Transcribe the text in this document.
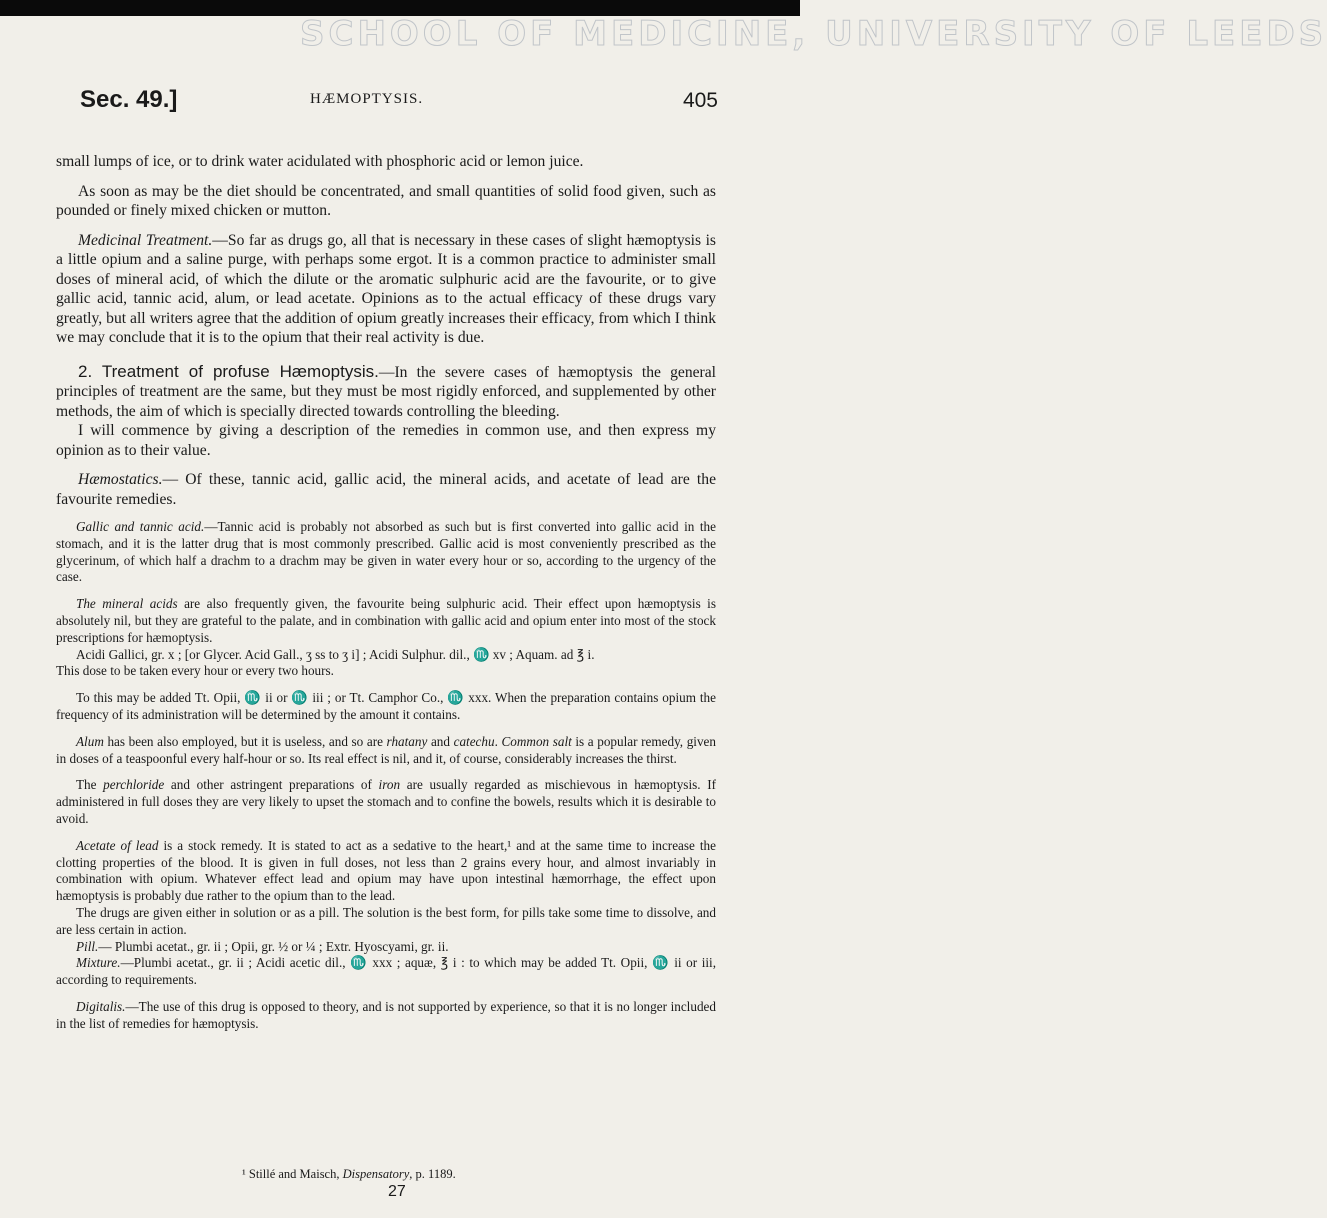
SCHOOL OF MEDICINE, UNIVERSITY OF LEEDS
Sec. 49.]	HÆMOPTYSIS.	405

small lumps of ice, or to drink water acidulated with phosphoric acid or lemon juice.

As soon as may be the diet should be concentrated, and small quantities of solid food given, such as pounded or finely mixed chicken or mutton.

Medicinal Treatment.—So far as drugs go, all that is necessary in these cases of slight hæmoptysis is a little opium and a saline purge, with perhaps some ergot. It is a common practice to administer small doses of mineral acid, of which the dilute or the aromatic sulphuric acid are the favourite, or to give gallic acid, tannic acid, alum, or lead acetate. Opinions as to the actual efficacy of these drugs vary greatly, but all writers agree that the addition of opium greatly increases their efficacy, from which I think we may conclude that it is to the opium that their real activity is due.

2. Treatment of profuse Hæmoptysis.—In the severe cases of hæmoptysis the general principles of treatment are the same, but they must be most rigidly enforced, and supplemented by other methods, the aim of which is specially directed towards controlling the bleeding.

I will commence by giving a description of the remedies in common use, and then express my opinion as to their value.

Hæmostatics.— Of these, tannic acid, gallic acid, the mineral acids, and acetate of lead are the favourite remedies.

Gallic and tannic acid.—Tannic acid is probably not absorbed as such but is first converted into gallic acid in the stomach, and it is the latter drug that is most commonly prescribed. Gallic acid is most conveniently prescribed as the glycerinum, of which half a drachm to a drachm may be given in water every hour or so, according to the urgency of the case.

The mineral acids are also frequently given, the favourite being sulphuric acid. Their effect upon hæmoptysis is absolutely nil, but they are grateful to the palate, and in combination with gallic acid and opium enter into most of the stock prescriptions for hæmoptysis.

Acidi Gallici, gr. x ; [or Glycer. Acid Gall., ʒ ss to ʒ i] ; Acidi Sulphur. dil., ♏ xv ; Aquam. ad ℥ i.

This dose to be taken every hour or every two hours.

To this may be added Tt. Opii, ♏ ii or ♏ iii ; or Tt. Camphor Co., ♏ xxx. When the preparation contains opium the frequency of its administration will be determined by the amount it contains.

Alum has been also employed, but it is useless, and so are rhatany and catechu. Common salt is a popular remedy, given in doses of a teaspoonful every half-hour or so. Its real effect is nil, and it, of course, considerably increases the thirst.

The perchloride and other astringent preparations of iron are usually regarded as mischievous in hæmoptysis. If administered in full doses they are very likely to upset the stomach and to confine the bowels, results which it is desirable to avoid.

Acetate of lead is a stock remedy. It is stated to act as a sedative to the heart,¹ and at the same time to increase the clotting properties of the blood. It is given in full doses, not less than 2 grains every hour, and almost invariably in combination with opium. Whatever effect lead and opium may have upon intestinal hæmorrhage, the effect upon hæmoptysis is probably due rather to the opium than to the lead.

The drugs are given either in solution or as a pill. The solution is the best form, for pills take some time to dissolve, and are less certain in action.

Pill.— Plumbi acetat., gr. ii ; Opii, gr. ½ or ¼ ; Extr. Hyoscyami, gr. ii.

Mixture.—Plumbi acetat., gr. ii ; Acidi acetic dil., ♏ xxx ; aquæ, ℥ i : to which may be added Tt. Opii, ♏ ii or iii, according to requirements.

Digitalis.—The use of this drug is opposed to theory, and is not supported by experience, so that it is no longer included in the list of remedies for hæmoptysis.

¹ Stillé and Maisch, Dispensatory, p. 1189.
27
